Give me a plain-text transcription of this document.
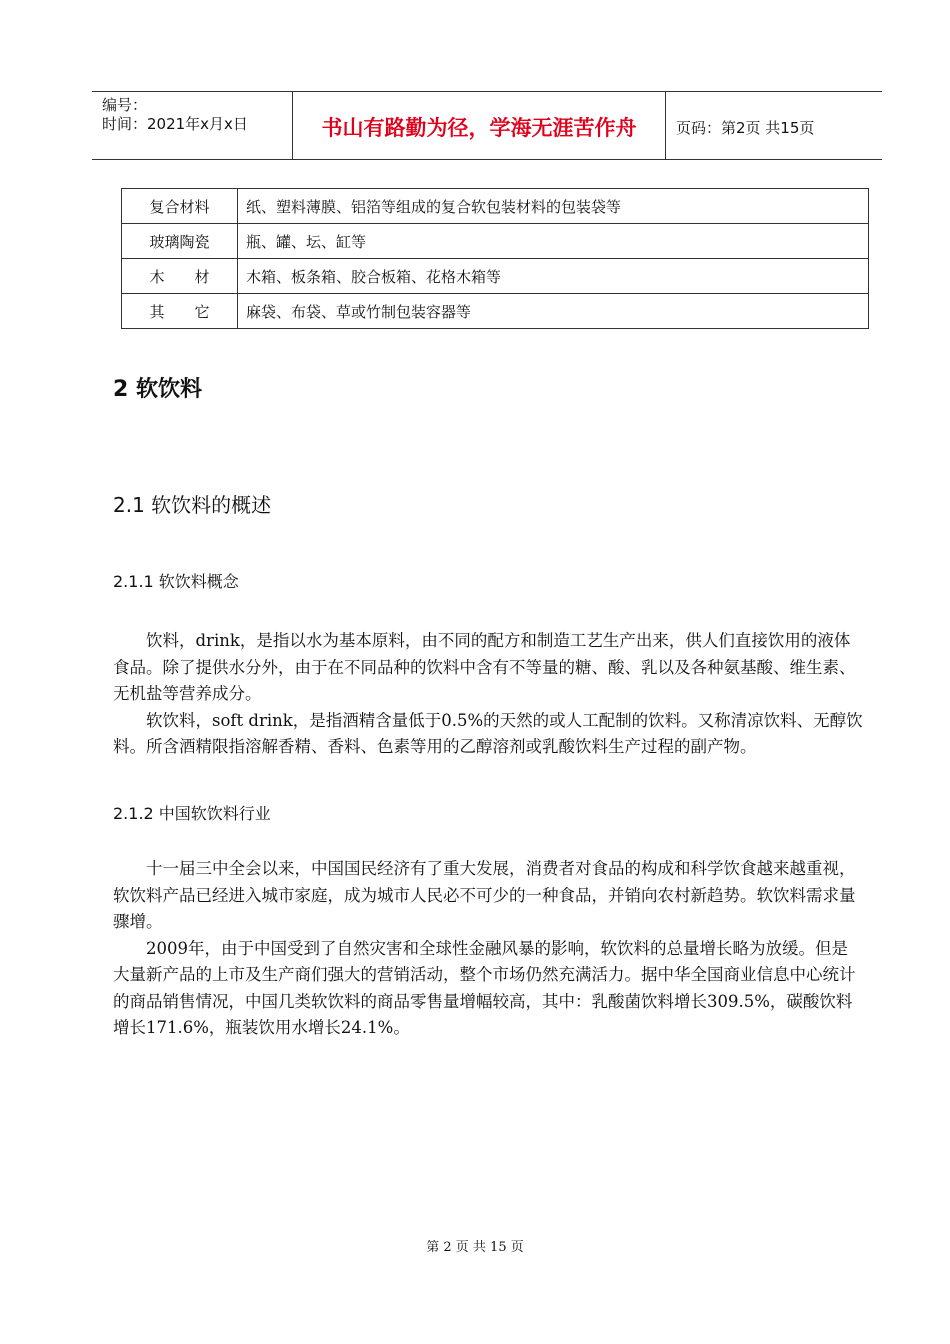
编号：
时间：2021年x月x日	书山有路勤为径，学海无涯苦作舟	页码：第2页 共15页
复合材料	纸、塑料薄膜、铝箔等组成的复合软包装材料的包装袋等
玻璃陶瓷	瓶、罐、坛、缸等
木　　材	木箱、板条箱、胶合板箱、花格木箱等
其　　它	麻袋、布袋、草或竹制包装容器等
2 软饮料
2.1 软饮料的概述
2.1.1 软饮料概念

饮料，drink，是指以水为基本原料，由不同的配方和制造工艺生产出来，供人们直接饮用的液体食品。除了提供水分外，由于在不同品种的饮料中含有不等量的糖、酸、乳以及各种氨基酸、维生素、无机盐等营养成分。

软饮料，soft drink，是指酒精含量低于0.5%的天然的或人工配制的饮料。又称清凉饮料、无醇饮料。所含酒精限指溶解香精、香料、色素等用的乙醇溶剂或乳酸饮料生产过程的副产物。

2.1.2 中国软饮料行业

十一届三中全会以来，中国国民经济有了重大发展，消费者对食品的构成和科学饮食越来越重视，软饮料产品已经进入城市家庭，成为城市人民必不可少的一种食品，并销向农村新趋势。软饮料需求量骤增。

2009年，由于中国受到了自然灾害和全球性金融风暴的影响，软饮料的总量增长略为放缓。但是大量新产品的上市及生产商们强大的营销活动，整个市场仍然充满活力。据中华全国商业信息中心统计的商品销售情况，中国几类软饮料的商品零售量增幅较高，其中：乳酸菌饮料增长309.5%，碳酸饮料增长171.6%，瓶装饮用水增长24.1%。

第 2 页 共 15 页
